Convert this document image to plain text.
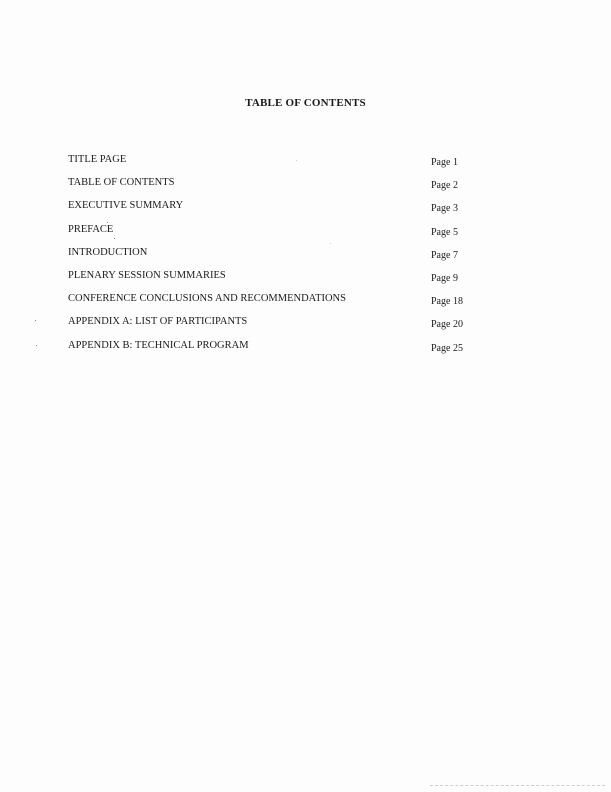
TABLE OF CONTENTS
TITLE PAGE	Page 1
TABLE OF CONTENTS	Page 2
EXECUTIVE SUMMARY	Page 3
PREFACE	Page 5
INTRODUCTION	Page 7
PLENARY SESSION SUMMARIES	Page 9
CONFERENCE CONCLUSIONS AND RECOMMENDATIONS	Page 18
APPENDIX A: LIST OF PARTICIPANTS	Page 20
APPENDIX B: TECHNICAL PROGRAM	Page 25
